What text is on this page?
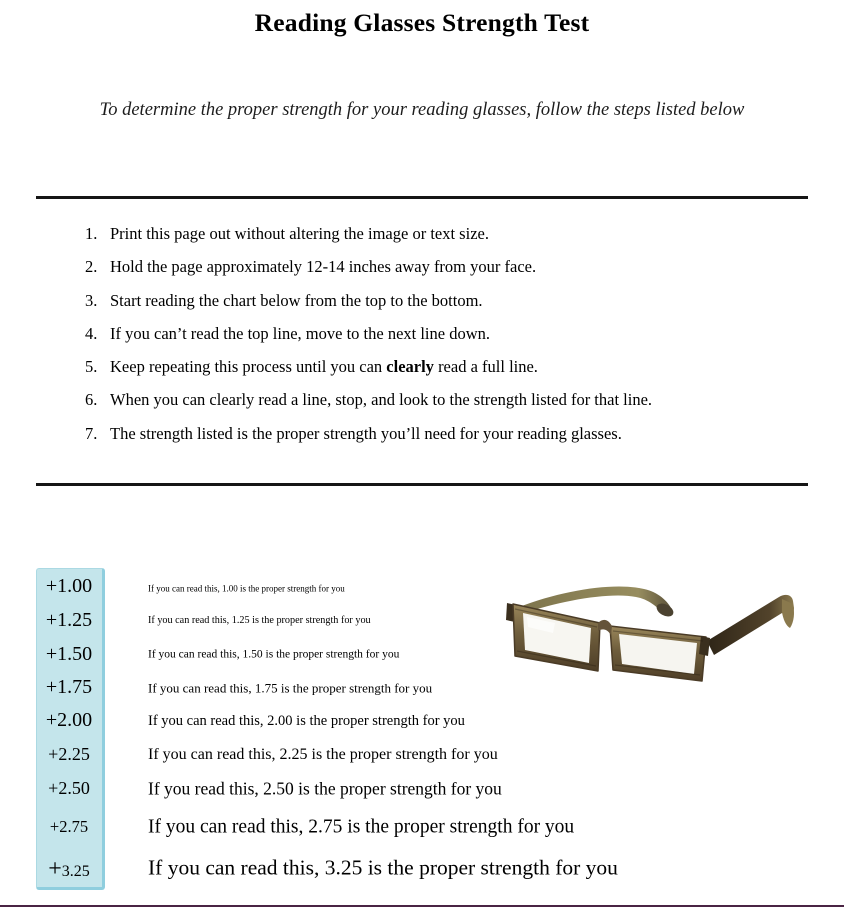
Reading Glasses Strength Test
To determine the proper strength for your reading glasses, follow the steps listed below
1. Print this page out without altering the image or text size.
2. Hold the page approximately 12-14 inches away from your face.
3. Start reading the chart below from the top to the bottom.
4. If you can’t read the top line, move to the next line down.
5. Keep repeating this process until you can clearly read a full line.
6. When you can clearly read a line, stop, and look to the strength listed for that line.
7. The strength listed is the proper strength you’ll need for your reading glasses.
+1.00
+1.25
+1.50
+1.75
+2.00
+2.25
+2.50
+2.75
+3.25
If you can read this, 1.00 is the proper strength for you
If you can read this, 1.25 is the proper strength for you
If you can read this, 1.50 is the proper strength for you
If you can read this, 1.75 is the proper strength for you
If you can read this, 2.00 is the proper strength for you
If you can read this, 2.25 is the proper strength for you
If you read this, 2.50 is the proper strength for you
If you can read this, 2.75 is the proper strength for you
If you can read this, 3.25 is the proper strength for you
